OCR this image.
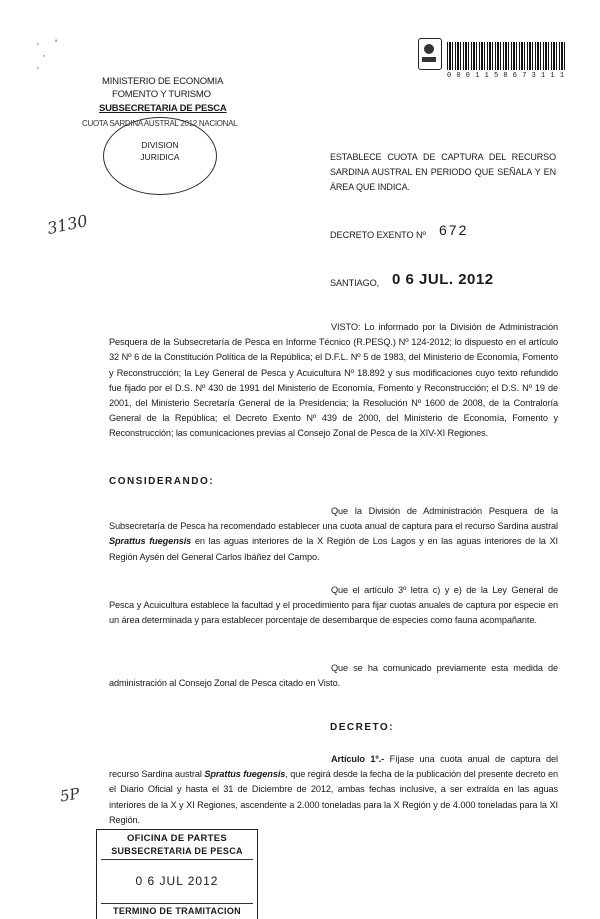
·     '
·
·
MINISTERIO DE ECONOMIA
FOMENTO Y TURISMO
SUBSECRETARIA DE PESCA
CUOTA SARDINA AUSTRAL 2012 NACIONAL
DIVISION
JURIDICA
0 0 0 1 1 5 8 6 7 3 1 1 1
ESTABLECE CUOTA DE CAPTURA DEL RECURSO SARDINA AUSTRAL EN PERIODO QUE SEÑALA Y EN ÁREA QUE INDICA.
3130	DECRETO EXENTO Nº 672
SANTIAGO, 0 6 JUL. 2012
VISTO: Lo informado por la División de Administración Pesquera de la Subsecretaría de Pesca en Informe Técnico (R.PESQ.) Nº 124-2012; lo dispuesto en el artículo 32 Nº 6 de la Constitución Política de la República; el D.F.L. Nº 5 de 1983, del Ministerio de Economía, Fomento y Reconstrucción; la Ley General de Pesca y Acuicultura Nº 18.892 y sus modificaciones cuyo texto refundido fue fijado por el D.S. Nº 430 de 1991 del Ministerio de Economía, Fomento y Reconstrucción; el D.S. Nº 19 de 2001, del Ministerio Secretaría General de la Presidencia; la Resolución Nº 1600 de 2008, de la Contraloría General de la República; el Decreto Exento Nº 439 de 2000, del Ministerio de Economía, Fomento y Reconstrucción; las comunicaciones previas al Consejo Zonal de Pesca de la XIV-XI Regiones.
CONSIDERANDO:
Que la División de Administración Pesquera de la Subsecretaría de Pesca ha recomendado establecer una cuota anual de captura para el recurso Sardina austral Sprattus fuegensis en las aguas interiores de la X Región de Los Lagos y en las aguas interiores de la XI Región Aysén del General Carlos Ibáñez del Campo.
Que el artículo 3º letra c) y e) de la Ley General de Pesca y Acuicultura establece la facultad y el procedimiento para fijar cuotas anuales de captura por especie en un área determinada y para establecer porcentaje de desembarque de especies como fauna acompañante.
Que se ha comunicado previamente esta medida de administración al Consejo Zonal de Pesca citado en Visto.
DECRETO:
Artículo 1º.- Fíjase una cuota anual de captura del recurso Sardina austral Sprattus fuegensis, que regirá desde la fecha de la publicación del presente decreto en el Diario Oficial y hasta el 31 de Diciembre de 2012, ambas fechas inclusive, a ser extraída en las aguas interiores de la X y XI Regiones, ascendente a 2.000 toneladas para la X Región y de 4.000 toneladas para la XI Región.
5P
OFICINA DE PARTES
SUBSECRETARIA DE PESCA
0 6 JUL 2012
TERMINO DE TRAMITACION
